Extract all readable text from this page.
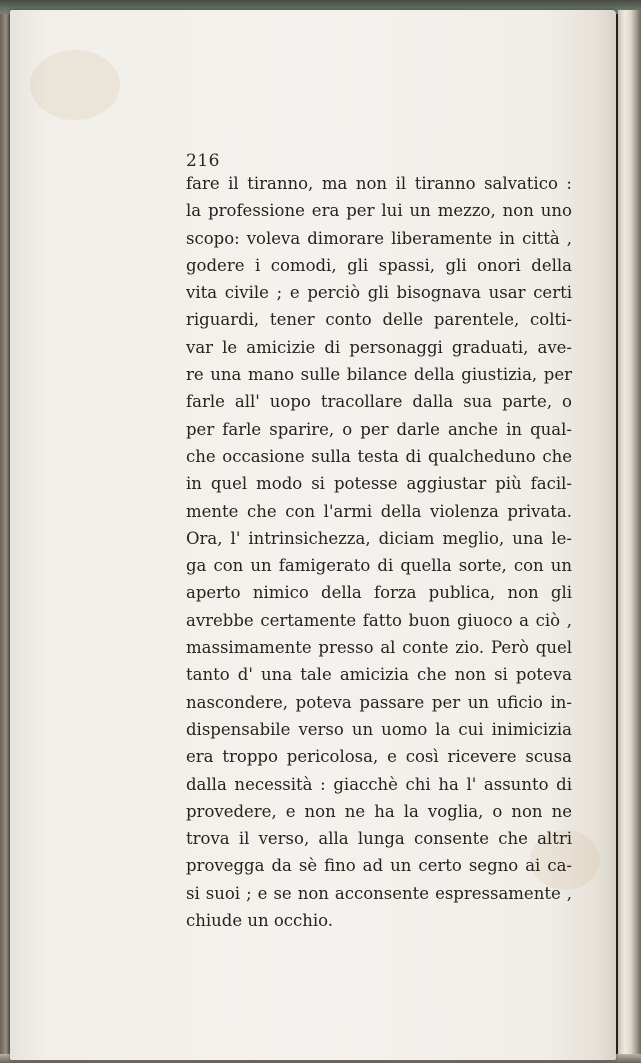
216
fare il tiranno, ma non il tiranno salvatico :
la professione era per lui un mezzo, non uno
scopo: voleva dimorare liberamente in città ,
godere i comodi, gli spassi, gli onori della
vita civile ; e perciò gli bisognava usar certi
riguardi, tener conto delle parentele, colti-
var le amicizie di personaggi graduati, ave-
re una mano sulle bilance della giustizia, per
farle all' uopo tracollare dalla sua parte, o
per farle sparire, o per darle anche in qual-
che occasione sulla testa di qualcheduno che
in quel modo si potesse aggiustar più facil-
mente che con l'armi della violenza privata.
Ora, l' intrinsichezza, diciam meglio, una le-
ga con un famigerato di quella sorte, con un
aperto nimico della forza publica, non gli
avrebbe certamente fatto buon giuoco a ciò ,
massimamente presso al conte zio. Però quel
tanto d' una tale amicizia che non si poteva
nascondere, poteva passare per un uficio in-
dispensabile verso un uomo la cui inimicizia
era troppo pericolosa, e così ricevere scusa
dalla necessità : giacchè chi ha l' assunto di
provedere, e non ne ha la voglia, o non ne
trova il verso, alla lunga consente che altri
provegga da sè fino ad un certo segno ai ca-
si suoi ; e se non acconsente espressamente ,
chiude un occhio.
